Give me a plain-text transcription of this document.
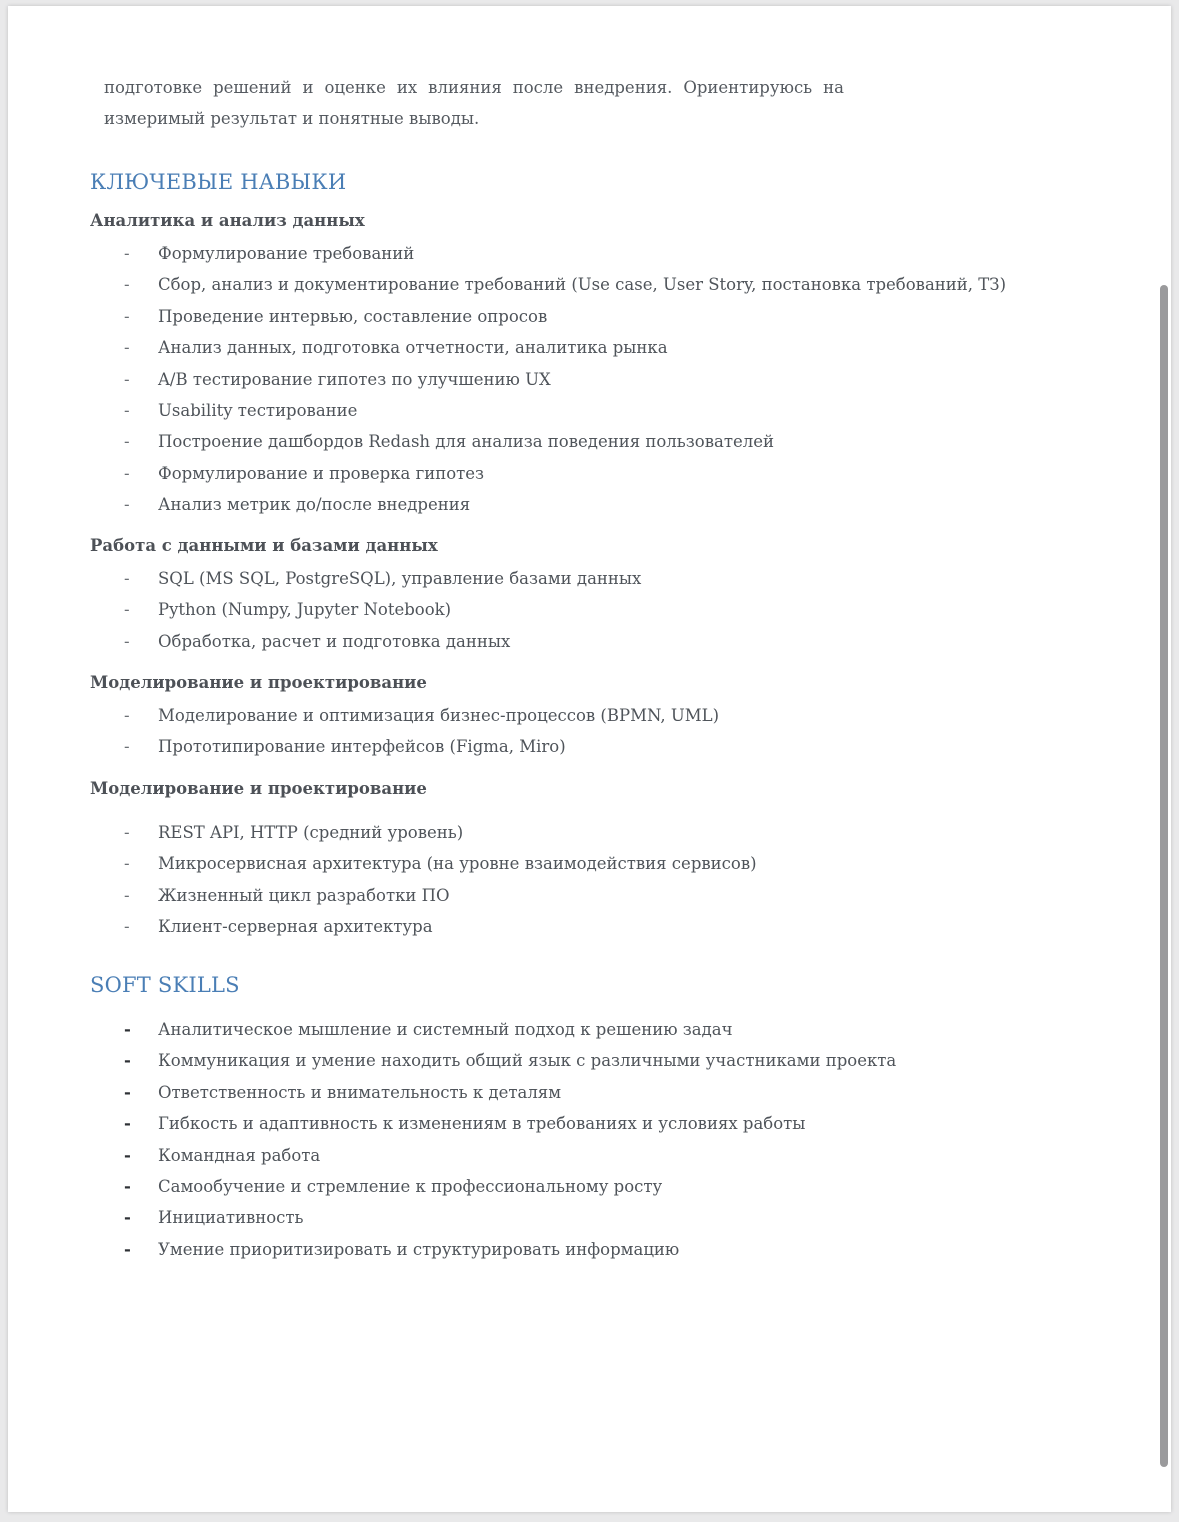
подготовке решений и оценке их влияния после внедрения. Ориентируюсь на

измеримый результат и понятные выводы.

КЛЮЧЕВЫЕ НАВЫКИ
Аналитика и анализ данных
- Формулирование требований
- Сбор, анализ и документирование требований (Use case, User Story, постановка требований, ТЗ)
- Проведение интервью, составление опросов
- Анализ данных, подготовка отчетности, аналитика рынка
- A/B тестирование гипотез по улучшению UX
- Usability тестирование
- Построение дашбордов Redash для анализа поведения пользователей
- Формулирование и проверка гипотез
- Анализ метрик до/после внедрения
Работа с данными и базами данных
- SQL (MS SQL, PostgreSQL), управление базами данных
- Python (Numpy, Jupyter Notebook)
- Обработка, расчет и подготовка данных
Моделирование и проектирование
- Моделирование и оптимизация бизнес-процессов (BPMN, UML)
- Прототипирование интерфейсов (Figma, Miro)
Моделирование и проектирование
- REST API, HTTP (средний уровень)
- Микросервисная архитектура (на уровне взаимодействия сервисов)
- Жизненный цикл разработки ПО
- Клиент-серверная архитектура
SOFT SKILLS
- Аналитическое мышление и системный подход к решению задач
- Коммуникация и умение находить общий язык с различными участниками проекта
- Ответственность и внимательность к деталям
- Гибкость и адаптивность к изменениям в требованиях и условиях работы
- Командная работа
- Самообучение и стремление к профессиональному росту
- Инициативность
- Умение приоритизировать и структурировать информацию
